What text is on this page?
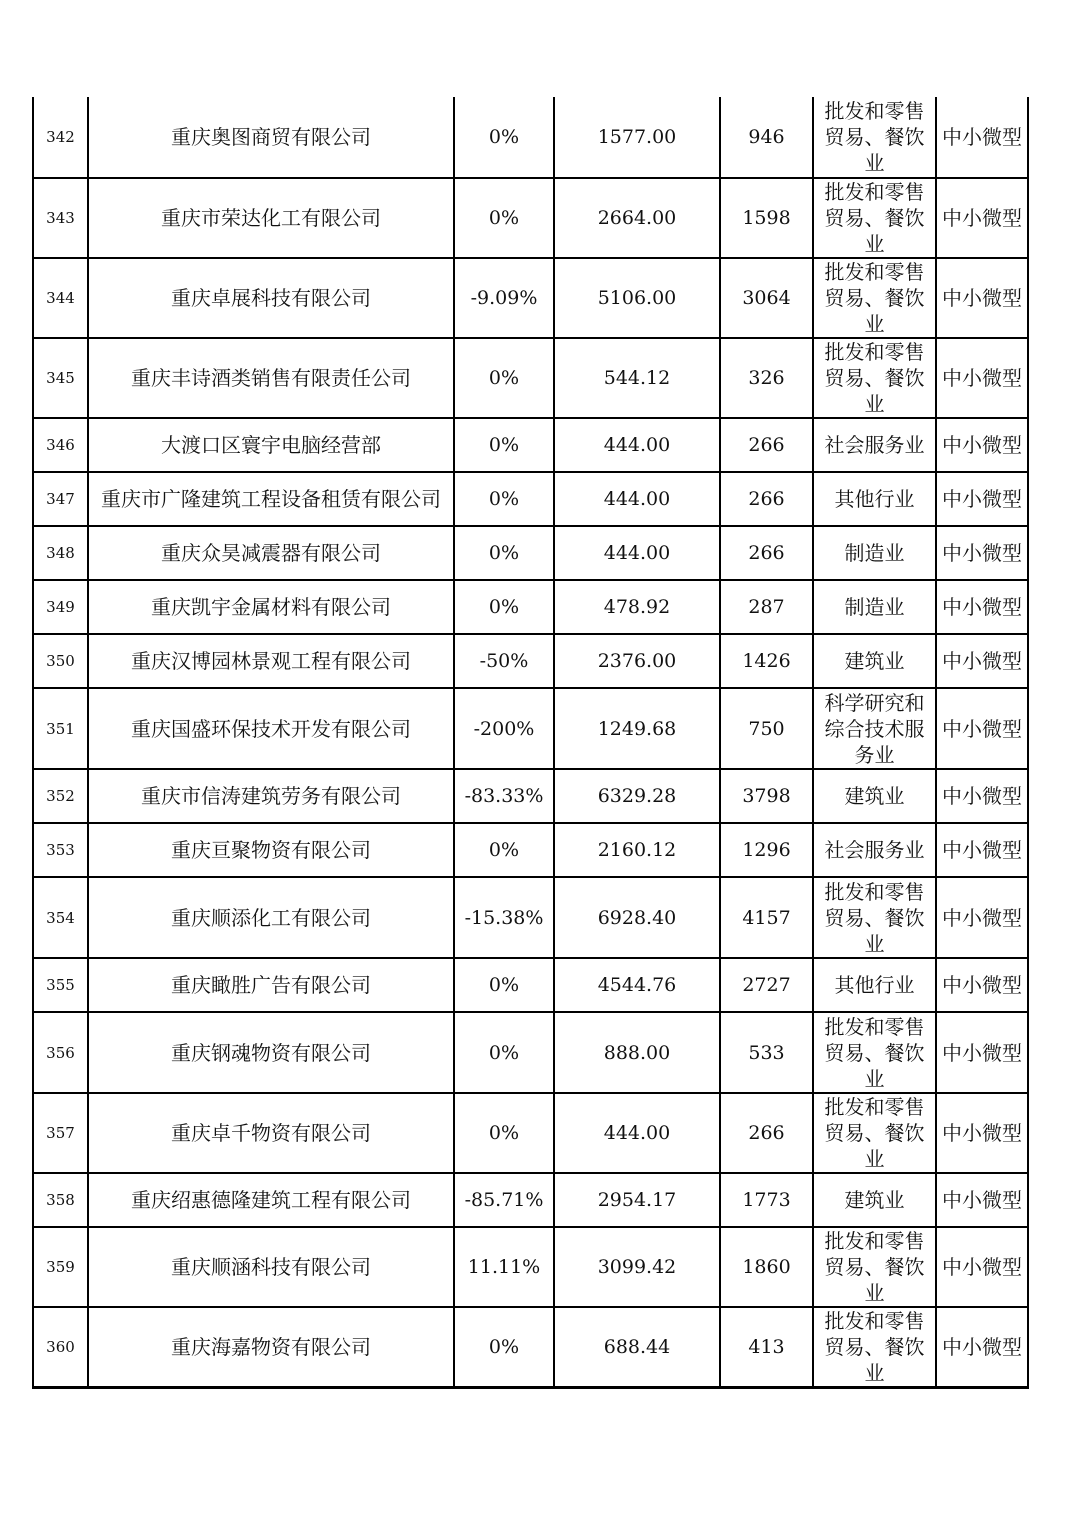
342	重庆奥图商贸有限公司	0%	1577.00	946	批发和零售贸易、餐饮业	中小微型
343	重庆市荣达化工有限公司	0%	2664.00	1598	批发和零售贸易、餐饮业	中小微型
344	重庆卓展科技有限公司	-9.09%	5106.00	3064	批发和零售贸易、餐饮业	中小微型
345	重庆丰诗酒类销售有限责任公司	0%	544.12	326	批发和零售贸易、餐饮业	中小微型
346	大渡口区寰宇电脑经营部	0%	444.00	266	社会服务业	中小微型
347	重庆市广隆建筑工程设备租赁有限公司	0%	444.00	266	其他行业	中小微型
348	重庆众昊减震器有限公司	0%	444.00	266	制造业	中小微型
349	重庆凯宇金属材料有限公司	0%	478.92	287	制造业	中小微型
350	重庆汉博园林景观工程有限公司	-50%	2376.00	1426	建筑业	中小微型
351	重庆国盛环保技术开发有限公司	-200%	1249.68	750	科学研究和综合技术服务业	中小微型
352	重庆市信涛建筑劳务有限公司	-83.33%	6329.28	3798	建筑业	中小微型
353	重庆亘聚物资有限公司	0%	2160.12	1296	社会服务业	中小微型
354	重庆顺添化工有限公司	-15.38%	6928.40	4157	批发和零售贸易、餐饮业	中小微型
355	重庆瞰胜广告有限公司	0%	4544.76	2727	其他行业	中小微型
356	重庆钢魂物资有限公司	0%	888.00	533	批发和零售贸易、餐饮业	中小微型
357	重庆卓千物资有限公司	0%	444.00	266	批发和零售贸易、餐饮业	中小微型
358	重庆绍惠德隆建筑工程有限公司	-85.71%	2954.17	1773	建筑业	中小微型
359	重庆顺涵科技有限公司	11.11%	3099.42	1860	批发和零售贸易、餐饮业	中小微型
360	重庆海嘉物资有限公司	0%	688.44	413	批发和零售贸易、餐饮业	中小微型
